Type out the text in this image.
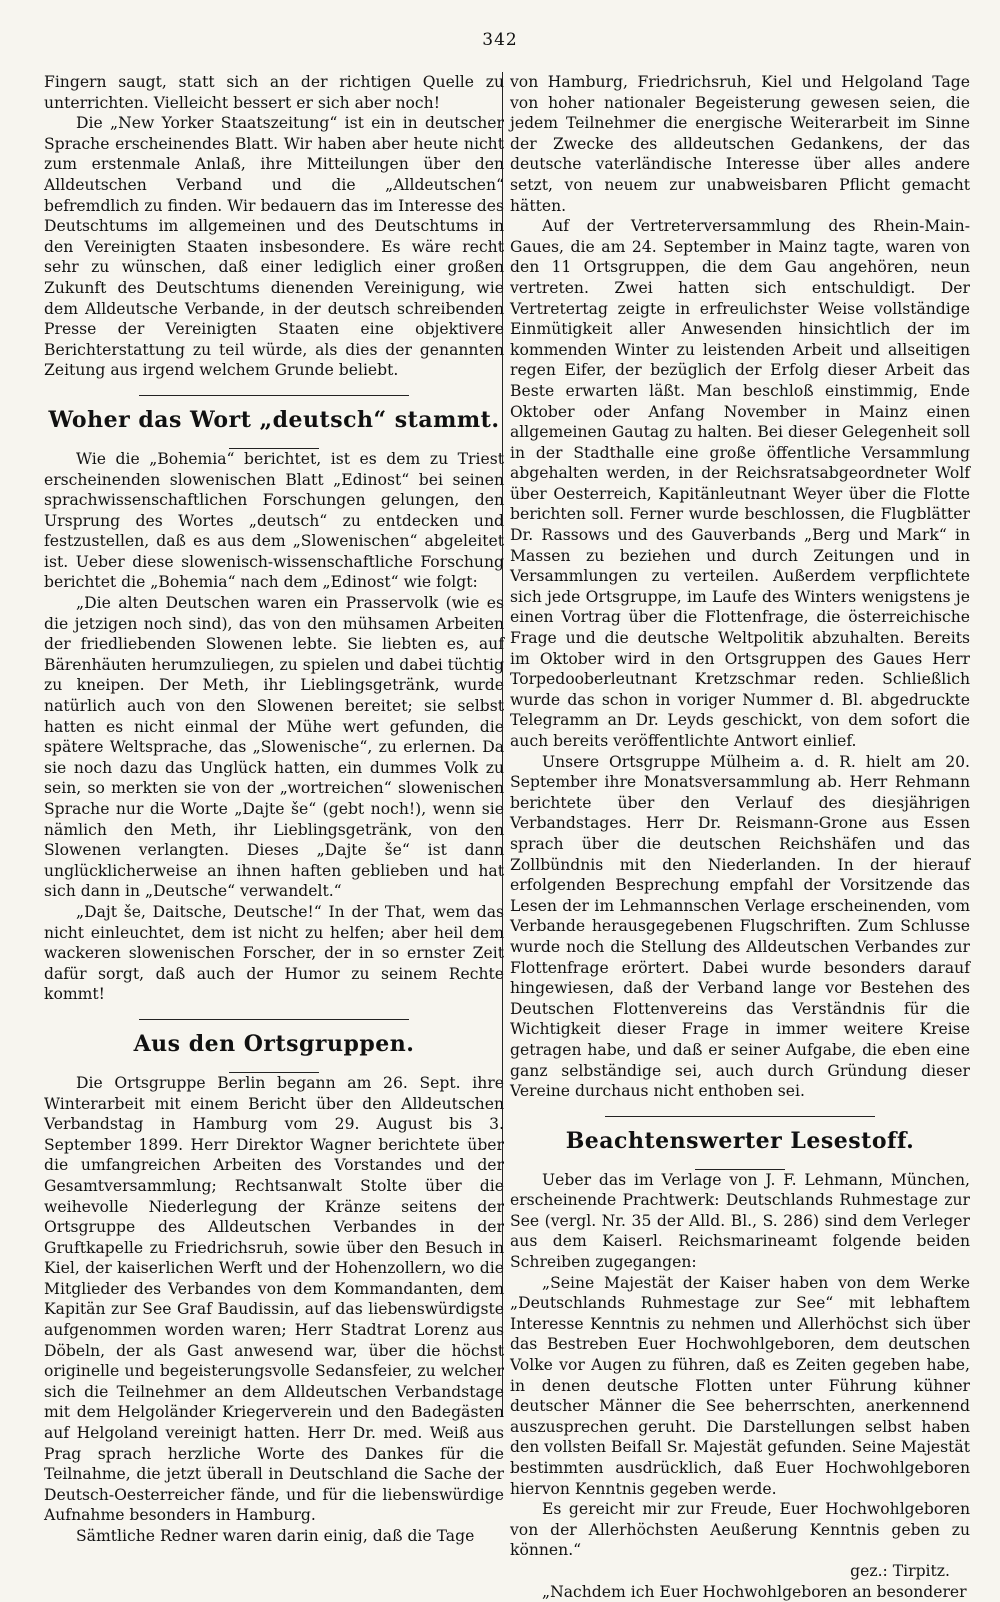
342

Fingern saugt, statt sich an der richtigen Quelle zu unterrichten. Vielleicht bessert er sich aber noch!

Die „New Yorker Staatszeitung“ ist ein in deutscher Sprache erscheinendes Blatt. Wir haben aber heute nicht zum erstenmale Anlaß, ihre Mitteilungen über den Alldeutschen Verband und die „Alldeutschen“ befremdlich zu finden. Wir bedauern das im Interesse des Deutschtums im allgemeinen und des Deutschtums in den Vereinigten Staaten insbesondere. Es wäre recht sehr zu wünschen, daß einer lediglich einer großen Zukunft des Deutschtums dienenden Vereinigung, wie dem Alldeutsche Verbande, in der deutsch schreibenden Presse der Vereinigten Staaten eine objektivere Berichterstattung zu teil würde, als dies der genannten Zeitung aus irgend welchem Grunde beliebt.

Woher das Wort „deutsch“ stammt.

Wie die „Bohemia“ berichtet, ist es dem zu Triest erscheinenden slowenischen Blatt „Edinost“ bei seinen sprachwissenschaftlichen Forschungen gelungen, den Ursprung des Wortes „deutsch“ zu entdecken und festzustellen, daß es aus dem „Slowenischen“ abgeleitet ist. Ueber diese slowenisch-wissenschaftliche Forschung berichtet die „Bohemia“ nach dem „Edinost“ wie folgt:

„Die alten Deutschen waren ein Prasservolk (wie es die jetzigen noch sind), das von den mühsamen Arbeiten der friedliebenden Slowenen lebte. Sie liebten es, auf Bärenhäuten herumzuliegen, zu spielen und dabei tüchtig zu kneipen. Der Meth, ihr Lieblingsgetränk, wurde natürlich auch von den Slowenen bereitet; sie selbst hatten es nicht einmal der Mühe wert gefunden, die spätere Weltsprache, das „Slowenische“, zu erlernen. Da sie noch dazu das Unglück hatten, ein dummes Volk zu sein, so merkten sie von der „wortreichen“ slowenischen Sprache nur die Worte „Dajte še“ (gebt noch!), wenn sie nämlich den Meth, ihr Lieblingsgetränk, von den Slowenen verlangten. Dieses „Dajte še“ ist dann unglücklicherweise an ihnen haften geblieben und hat sich dann in „Deutsche“ verwandelt.“

„Dajt še, Daitsche, Deutsche!“ In der That, wem das nicht einleuchtet, dem ist nicht zu helfen; aber heil dem wackeren slowenischen Forscher, der in so ernster Zeit dafür sorgt, daß auch der Humor zu seinem Rechte kommt!

Aus den Ortsgruppen.

Die Ortsgruppe Berlin begann am 26. Sept. ihre Winterarbeit mit einem Bericht über den Alldeutschen Verbandstag in Hamburg vom 29. August bis 3. September 1899. Herr Direktor Wagner berichtete über die umfangreichen Arbeiten des Vorstandes und der Gesamtversammlung; Rechtsanwalt Stolte über die weihevolle Niederlegung der Kränze seitens der Ortsgruppe des Alldeutschen Verbandes in der Gruftkapelle zu Friedrichsruh, sowie über den Besuch in Kiel, der kaiserlichen Werft und der Hohenzollern, wo die Mitglieder des Verbandes von dem Kommandanten, dem Kapitän zur See Graf Baudissin, auf das liebenswürdigste aufgenommen worden waren; Herr Stadtrat Lorenz aus Döbeln, der als Gast anwesend war, über die höchst originelle und begeisterungsvolle Sedansfeier, zu welcher sich die Teilnehmer an dem Alldeutschen Verbandstage mit dem Helgoländer Kriegerverein und den Badegästen auf Helgoland vereinigt hatten. Herr Dr. med. Weiß aus Prag sprach herzliche Worte des Dankes für die Teilnahme, die jetzt überall in Deutschland die Sache der Deutsch-Oesterreicher fände, und für die liebenswürdige Aufnahme besonders in Hamburg.

Sämtliche Redner waren darin einig, daß die Tage

von Hamburg, Friedrichsruh, Kiel und Helgoland Tage von hoher nationaler Begeisterung gewesen seien, die jedem Teilnehmer die energische Weiterarbeit im Sinne der Zwecke des alldeutschen Gedankens, der das deutsche vaterländische Interesse über alles andere setzt, von neuem zur unabweisbaren Pflicht gemacht hätten.

Auf der Vertreterversammlung des Rhein-Main-Gaues, die am 24. September in Mainz tagte, waren von den 11 Ortsgruppen, die dem Gau angehören, neun vertreten. Zwei hatten sich entschuldigt. Der Vertretertag zeigte in erfreulichster Weise vollständige Einmütigkeit aller Anwesenden hinsichtlich der im kommenden Winter zu leistenden Arbeit und allseitigen regen Eifer, der bezüglich der Erfolg dieser Arbeit das Beste erwarten läßt. Man beschloß einstimmig, Ende Oktober oder Anfang November in Mainz einen allgemeinen Gautag zu halten. Bei dieser Gelegenheit soll in der Stadthalle eine große öffentliche Versammlung abgehalten werden, in der Reichsratsabgeordneter Wolf über Oesterreich, Kapitänleutnant Weyer über die Flotte berichten soll. Ferner wurde beschlossen, die Flugblätter Dr. Rassows und des Gauverbands „Berg und Mark“ in Massen zu beziehen und durch Zeitungen und in Versammlungen zu verteilen. Außerdem verpflichtete sich jede Ortsgruppe, im Laufe des Winters wenigstens je einen Vortrag über die Flottenfrage, die österreichische Frage und die deutsche Weltpolitik abzuhalten. Bereits im Oktober wird in den Ortsgruppen des Gaues Herr Torpedooberleutnant Kretzschmar reden. Schließlich wurde das schon in voriger Nummer d. Bl. abgedruckte Telegramm an Dr. Leyds geschickt, von dem sofort die auch bereits veröffentlichte Antwort einlief.

Unsere Ortsgruppe Mülheim a. d. R. hielt am 20. September ihre Monatsversammlung ab. Herr Rehmann berichtete über den Verlauf des diesjährigen Verbandstages. Herr Dr. Reismann-Grone aus Essen sprach über die deutschen Reichshäfen und das Zollbündnis mit den Niederlanden. In der hierauf erfolgenden Besprechung empfahl der Vorsitzende das Lesen der im Lehmannschen Verlage erscheinenden, vom Verbande herausgegebenen Flugschriften. Zum Schlusse wurde noch die Stellung des Alldeutschen Verbandes zur Flottenfrage erörtert. Dabei wurde besonders darauf hingewiesen, daß der Verband lange vor Bestehen des Deutschen Flottenvereins das Verständnis für die Wichtigkeit dieser Frage in immer weitere Kreise getragen habe, und daß er seiner Aufgabe, die eben eine ganz selbständige sei, auch durch Gründung dieser Vereine durchaus nicht enthoben sei.

Beachtenswerter Lesestoff.

Ueber das im Verlage von J. F. Lehmann, München, erscheinende Prachtwerk: Deutschlands Ruhmestage zur See (vergl. Nr. 35 der Alld. Bl., S. 286) sind dem Verleger aus dem Kaiserl. Reichsmarineamt folgende beiden Schreiben zugegangen:

„Seine Majestät der Kaiser haben von dem Werke „Deutschlands Ruhmestage zur See“ mit lebhaftem Interesse Kenntnis zu nehmen und Allerhöchst sich über das Bestreben Euer Hochwohlgeboren, dem deutschen Volke vor Augen zu führen, daß es Zeiten gegeben habe, in denen deutsche Flotten unter Führung kühner deutscher Männer die See beherrschten, anerkennend auszusprechen geruht. Die Darstellungen selbst haben den vollsten Beifall Sr. Majestät gefunden. Seine Majestät bestimmten ausdrücklich, daß Euer Hochwohlgeboren hiervon Kenntnis gegeben werde.

Es gereicht mir zur Freude, Euer Hochwohlgeboren von der Allerhöchsten Aeußerung Kenntnis geben zu können.“

gez.: Tirpitz.

„Nachdem ich Euer Hochwohlgeboren an besonderer
